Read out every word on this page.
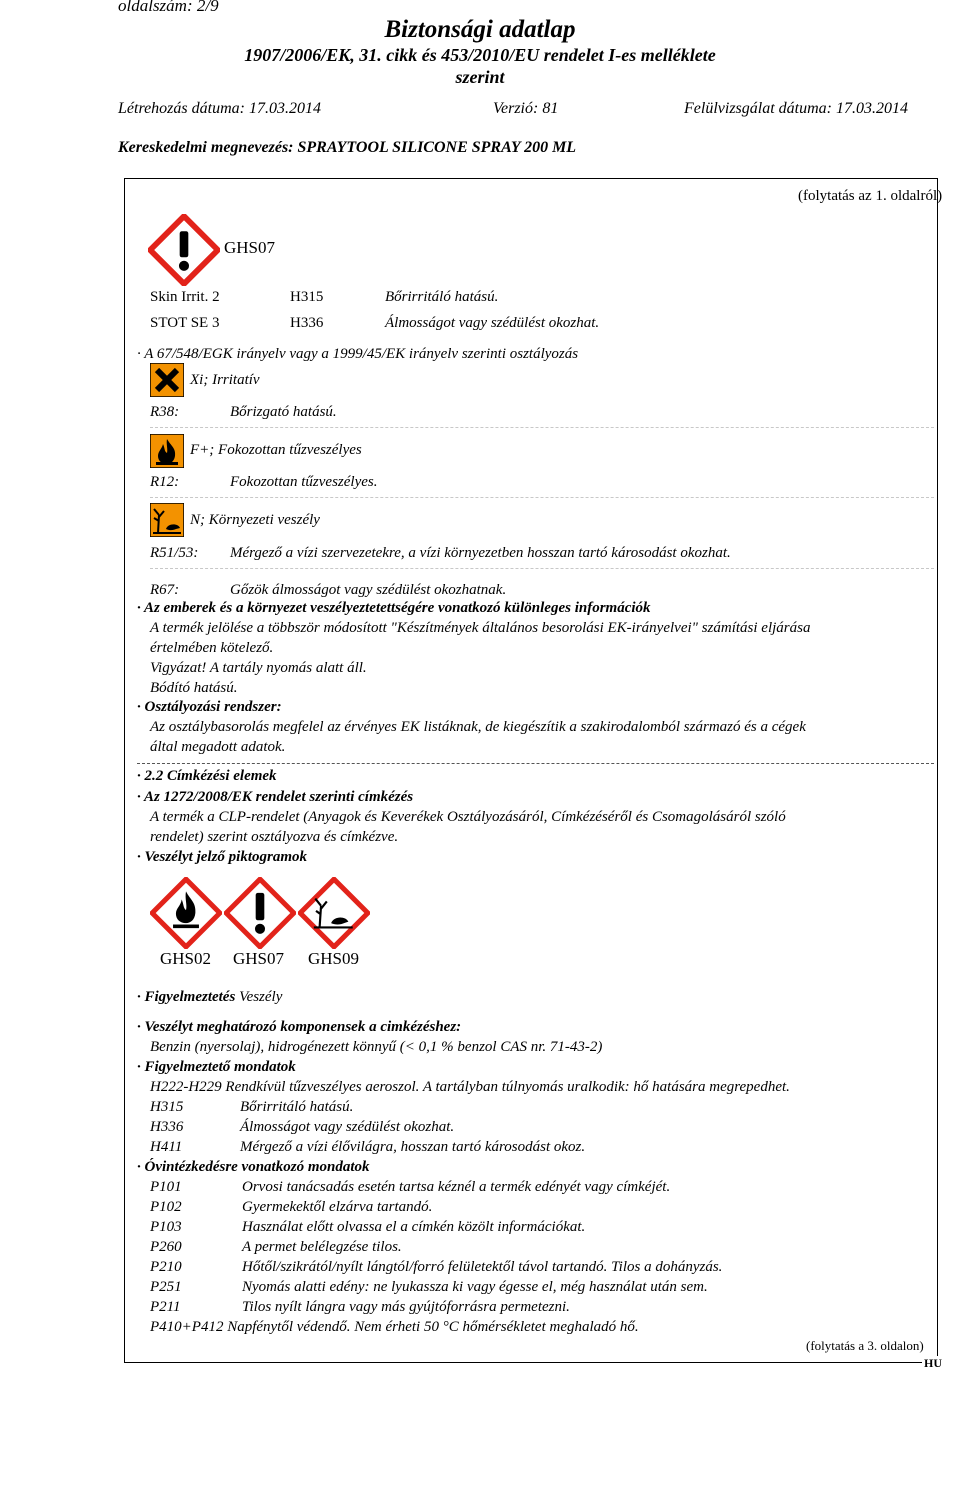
oldalszám: 2/9
Biztonsági adatlap
1907/2006/EK, 31. cikk és 453/2010/EU rendelet I-es melléklete
szerint
Létrehozás dátuma: 17.03.2014	Verzió: 81	Felülvizsgálat dátuma: 17.03.2014
Kereskedelmi megnevezés: SPRAYTOOL SILICONE SPRAY 200 ML
(folytatás az 1. oldalról)
GHS07
Skin Irrit. 2	H315	Bőrirritáló hatású.
STOT SE 3	H336	Álmosságot vagy szédülést okozhat.
· A 67/548/EGK irányelv vagy a 1999/45/EK irányelv szerinti osztályozás
Xi; Irritatív
R38:	Bőrizgató hatású.
F+; Fokozottan tűzveszélyes
R12:	Fokozottan tűzveszélyes.
N; Környezeti veszély
R51/53: Mérgező a vízi szervezetekre, a vízi környezetben hosszan tartó károsodást okozhat.
R67:	Gőzök álmosságot vagy szédülést okozhatnak.
· Az emberek és a környezet veszélyeztetettségére vonatkozó különleges információk
A termék jelölése a többször módosított "Készítmények általános besorolási EK-irányelvei" számítási eljárása
értelmében kötelező.
Vigyázat! A tartály nyomás alatt áll.
Bódító hatású.
· Osztályozási rendszer:
Az osztálybasorolás megfelel az érvényes EK listáknak, de kiegészítik a szakirodalomból származó és a cégek
által megadott adatok.
· 2.2 Címkézési elemek
· Az 1272/2008/EK rendelet szerinti címkézés
A termék a CLP-rendelet (Anyagok és Keverékek Osztályozásáról, Címkézéséről és Csomagolásáról szóló
rendelet) szerint osztályozva és címkézve.
· Veszélyt jelző piktogramok
GHS02 GHS07 GHS09
· Figyelmeztetés Veszély
· Veszélyt meghatározó komponensek a cimkézéshez:
Benzin (nyersolaj), hidrogénezett könnyű (< 0,1 % benzol CAS nr. 71-43-2)
· Figyelmeztető mondatok
H222-H229 Rendkívül tűzveszélyes aeroszol. A tartályban túlnyomás uralkodik: hő hatására megrepedhet.
H315	Bőrirritáló hatású.
H336	Álmosságot vagy szédülést okozhat.
H411	Mérgező a vízi élővilágra, hosszan tartó károsodást okoz.
· Óvintézkedésre vonatkozó mondatok
P101	Orvosi tanácsadás esetén tartsa kéznél a termék edényét vagy címkéjét.
P102	Gyermekektől elzárva tartandó.
P103	Használat előtt olvassa el a címkén közölt információkat.
P260	A permet belélegzése tilos.
P210	Hőtől/szikrától/nyílt lángtól/forró felületektől távol tartandó. Tilos a dohányzás.
P251	Nyomás alatti edény: ne lyukassza ki vagy égesse el, még használat után sem.
P211	Tilos nyílt lángra vagy más gyújtóforrásra permetezni.
P410+P412 Napfénytől védendő. Nem érheti 50 °C hőmérsékletet meghaladó hő.
(folytatás a 3. oldalon)
HU
